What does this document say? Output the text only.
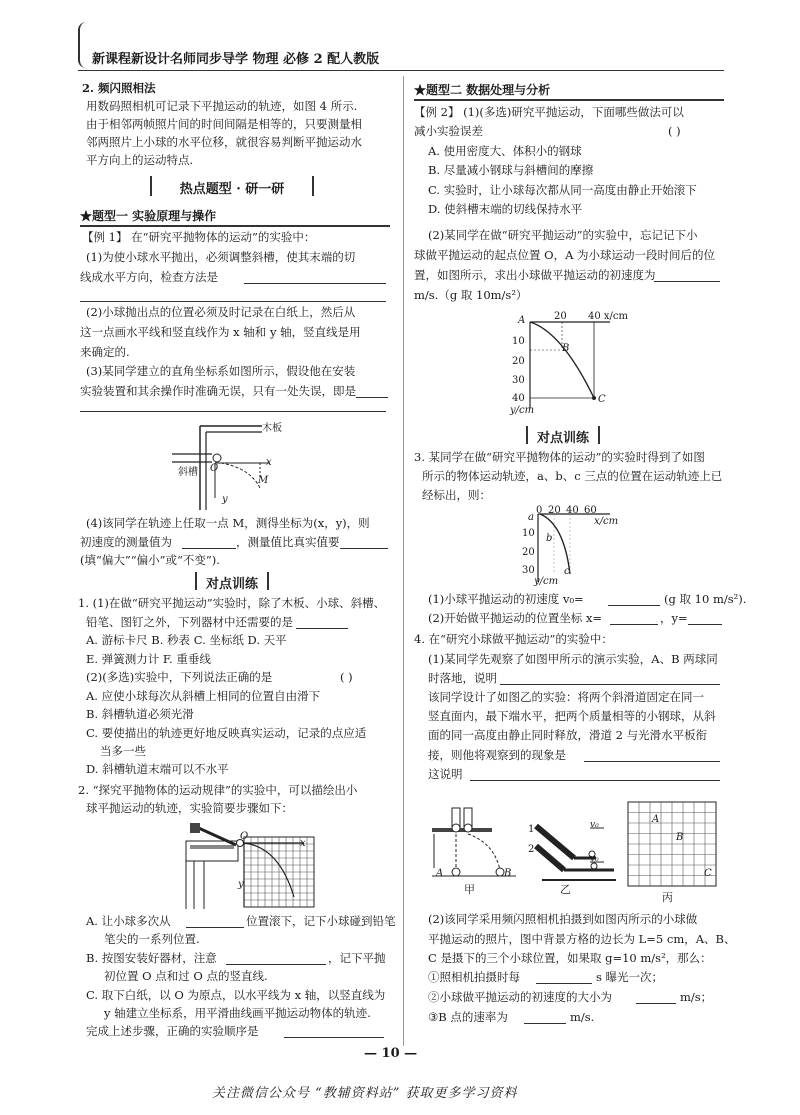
新课程新设计名师同步导学 物理 必修 2 配人教版
2. 频闪照相法
用数码照相机可记录下平抛运动的轨迹，如图 4 所示.
由于相邻两帧照片间的时间间隔是相等的，只要测量相
邻两照片上小球的水平位移，就很容易判断平抛运动水
平方向上的运动特点.
热点题型 · 研一研
★题型一 实验原理与操作
【例 1】 在“研究平抛物体的运动”的实验中：
(1)为使小球水平抛出，必须调整斜槽，使其末端的切
线成水平方向，检查方法是
(2)小球抛出点的位置必须及时记录在白纸上，然后从
这一点画水平线和竖直线作为 x 轴和 y 轴，竖直线是用
来确定的.
(3)某同学建立的直角坐标系如图所示，假设他在安装
实验装置和其余操作时准确无误，只有一处失误，即是
木板
斜槽 O
x
M
y
(4)该同学在轨迹上任取一点 M，测得坐标为(x，y)，则
初速度的测量值为	，测量值比真实值要
(填“偏大”“偏小”或“不变”).
对点训练
1. (1)在做“研究平抛运动”实验时，除了木板、小球、斜槽、
铅笔、图钉之外，下列器材中还需要的是
A. 游标卡尺 B. 秒表 C. 坐标纸 D. 天平
E. 弹簧测力计 F. 重垂线
(2)(多选)实验中，下列说法正确的是	( )
A. 应使小球每次从斜槽上相同的位置自由滑下
B. 斜槽轨道必须光滑
C. 要使描出的轨迹更好地反映真实运动，记录的点应适
当多一些
D. 斜槽轨道末端可以不水平
2. “探究平抛物体的运动规律”的实验中，可以描绘出小
球平抛运动的轨迹，实验简要步骤如下：
O
x
y
A. 让小球多次从	位置滚下，记下小球碰到铅笔
笔尖的一系列位置.
B. 按图安装好器材，注意	，记下平抛
初位置 O 点和过 O 点的竖直线.
C. 取下白纸，以 O 为原点，以水平线为 x 轴，以竖直线为
y 轴建立坐标系，用平滑曲线画平抛运动物体的轨迹.
完成上述步骤，正确的实验顺序是
★题型二 数据处理与分析
【例 2】 (1)(多选)研究平抛运动，下面哪些做法可以
减小实验误差	( )
A. 使用密度大、体积小的钢球
B. 尽量减小钢球与斜槽间的摩擦
C. 实验时，让小球每次都从同一高度由静止开始滚下
D. 使斜槽末端的切线保持水平
(2)某同学在做“研究平抛运动”的实验中，忘记记下小
球做平抛运动的起点位置 O，A 为小球运动一段时间后的位
置，如图所示，求出小球做平抛运动的初速度为
m/s.（g 取 10m/s²）
A	20 40 x/cm
B
10
20
30
40	C
y/cm
对点训练
3. 某同学在做“研究平抛物体的运动”的实验时得到了如图
所示的物体运动轨迹，a、b、c 三点的位置在运动轨迹上已
经标出，则：
a
0 20 40 60
x/cm
b
10
20
30	c
y/cm
(1)小球平抛运动的初速度 v₀=	(g 取 10 m/s²).
(2)开始做平抛运动的位置坐标 x=	，y=
4. 在“研究小球做平抛运动”的实验中：
(1)某同学先观察了如图甲所示的演示实验，A、B 两球同
时落地，说明
该同学设计了如图乙的实验：将两个斜滑道固定在同一
竖直面内，最下端水平，把两个质量相等的小钢球，从斜
面的同一高度由静止同时释放，滑道 2 与光滑水平板衔
接，则他将观察到的现象是
这说明
A	B
甲
1
2
v₀
v₀
乙
A
B
C
丙
(2)该同学采用频闪照相机拍摄到如图丙所示的小球做
平抛运动的照片，图中背景方格的边长为 L=5 cm，A、B、
C 是摄下的三个小球位置，如果取 g=10 m/s²，那么：
①照相机拍摄时每	s 曝光一次；
②小球做平抛运动的初速度的大小为	m/s；
③B 点的速率为	m/s.
— 10 —
关注微信公众号 “教辅资料站” 获取更多学习资料
